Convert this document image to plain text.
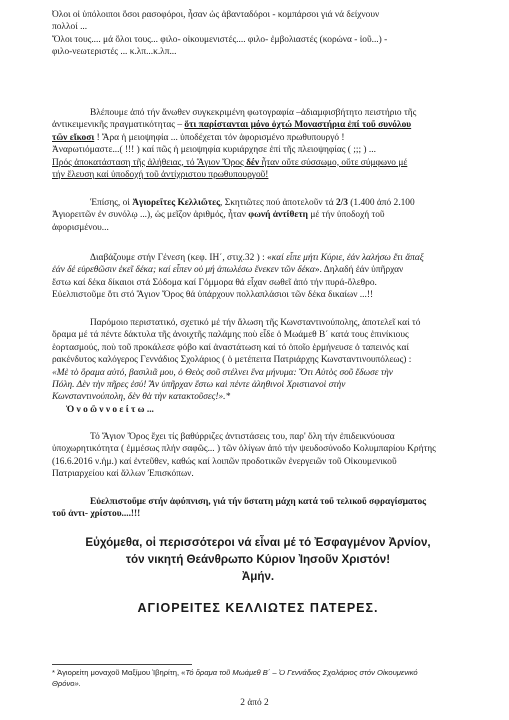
Όλοι οἱ ὑπόλοιποι ὅσοι ρασοφόροι, ἦσαν ὡς ἀβανταδόροι - κομπάρσοι γιά νά δείχνουν
πολλοί ...
Ὅλοι τους.... μά ὅλοι τους... φιλο- οἰκουμενιστές.... φιλο- ἐμβολιαστές (κορώνα - ἰοῦ...) -
φιλο-νεωτεριστές ... κ.λπ...κ.λπ...
Βλέπουμε ἀπό τήν ἄνωθεν συγκεκριμένη φωτογραφία –ἀδιαμφισβήτητο πειστήριο τῆς
ἀντικειμενικῆς πραγματικότητας – ὅτι παρίστανται μόνο ὀχτώ Μοναστήρια ἐπί τοῦ συνόλου
τῶν εἴκοσι ! Ἄρα ἡ μειοψηφία ... ὑποδέχεται τόν ἀφορισμένο πρωθυπουργό !
Ἀναρωτιόμαστε...( !!! ) καί πῶς ἡ μειοψηφία κυριάρχησε ἐπί τῆς πλειοψηφίας ( ;;; ) ...
Πρός ἀποκατάσταση τῆς ἀλήθειας, τό Ἅγιον Ὄρος δέν ἦταν οὔτε σύσσωμο, οὔτε σύμφωνο μέ
τήν ἔλευση καί ὑποδοχή τοῦ ἀντίχριστου πρωθυπουργοῦ!
Ἐπίσης, οἱ Ἁγιορεῖτες Κελλιῶτες, Σκητιῶτες πού ἀποτελοῦν τά 2/3 (1.400 ἀπό 2.100
Ἁγιορειτῶν ἐν συνόλῳ ...), ὡς μεῖζον ἀριθμός, ἦταν φωνή ἀντίθετη μέ τήν ὑποδοχή τοῦ
ἀφορισμένου...
Διαβάζουμε στήν Γένεση (κεφ. ΙΗ΄, στιχ.32 ) : «καί εἶπε μήτι Κύριε, ἐάν λαλήσω ἔτι ἅπαξ
ἐάν δέ εὑρεθῶσιν ἐκεῖ δέκα; καί εἶπεν οὐ μή ἀπωλέσω ἕνεκεν τῶν δέκα». Δηλαδή ἐάν ὑπῆρχαν
ἔστω καί δέκα δίκαιοι στά Σόδομα καί Γόμμορα θά εἶχαν σωθεῖ ἀπό τήν πυρά-ὄλεθρο.
Εὐελπιστοῦμε ὅτι στό Ἅγιον Ὄρος θά ὑπάρχουν πολλαπλάσιοι τῶν δέκα δικαίων ...!!
Παρόμοιο περιστατικό, σχετικό μέ τήν ἅλωση τῆς Κωνσταντινούπολης, ἀποτελεῖ καί τό
ὅραμα μέ τά πέντε δάκτυλα τῆς ἀνοιχτῆς παλάμης ποὺ εἶδε ὁ Μωάμεθ Β΄ κατά τους ἐπινίκιους
ἑορτασμούς, ποὺ τοῦ προκάλεσε φόβο καί ἀναστάτωση καί τό ὁποῖο ἑρμήνευσε ὁ ταπεινός καί
ρακένδυτος καλόγερος Γεννάδιος Σχολάριος ( ὁ μετέπειτα Πατριάρχης Κωνσταντινουπόλεως) :
«Μὲ τὸ ὅραμα αὐτό, βασιλιᾶ μου, ὁ Θεὸς σοῦ στέλνει ἕνα μήνυμα: Ὅτι Αὐτὸς σοῦ ἔδωσε τὴν
Πόλη. Δὲν τὴν πῆρες ἐσύ! Ἂν ὑπῆρχαν ἔστω καὶ πέντε ἀληθινοὶ Χριστιανοὶ στὴν
Κωνσταντινούπολη, δὲν θὰ τὴν κατακτοῦσες!».*
Ὁ ν ο ῶ ν ν ο ε ί τ ω ...
Τό Ἅγιον Ὄρος ἔχει τίς βαθύρριζες ἀντιστάσεις του, παρ' ὅλη τήν ἐπιδεικνύουσα
ὑποχωρητικότητα ( ἐμμέσως πλήν σαφῶς... ) τῶν ὀλίγων ἀπό τήν ψευδοσύνοδο Κολυμπαρίου Κρήτης
(16.6.2016 ν.ἡμ.) καί ἐντεῦθεν, καθώς καί λοιπῶν προδοτικῶν ἐνεργειῶν τοῦ Οἰκουμενικοῦ
Πατριαρχείου καί ἄλλων Ἐπισκόπων.
Εὐελπιστοῦμε στήν ἀφύπνιση, γιά τήν ὕστατη μάχη κατά τοῦ τελικοῦ σφραγίσματος
τοῦ ἀντι- χρίστου....!!!
Εὐχόμεθα, οἱ περισσότεροι νά εἶναι μέ τό Ἐσφαγμένον Ἀρνίον,
τόν νικητή Θεάνθρωπο Κύριον Ἰησοῦν Χριστόν!
Ἀμήν.
ΑΓΙΟΡΕΙΤΕΣ ΚΕΛΛΙΩΤΕΣ ΠΑΤΕΡΕΣ.
* Ἁγιορείτη μοναχοῦ Μαξίμου Ἰβηρίτη, «Τό ὅραμα τοῦ Μωάμεθ Β΄ – Ὁ Γεννάδιος Σχολάριος στόν Οἰκουμενικό
Θρόνο».
2 ἀπό 2
